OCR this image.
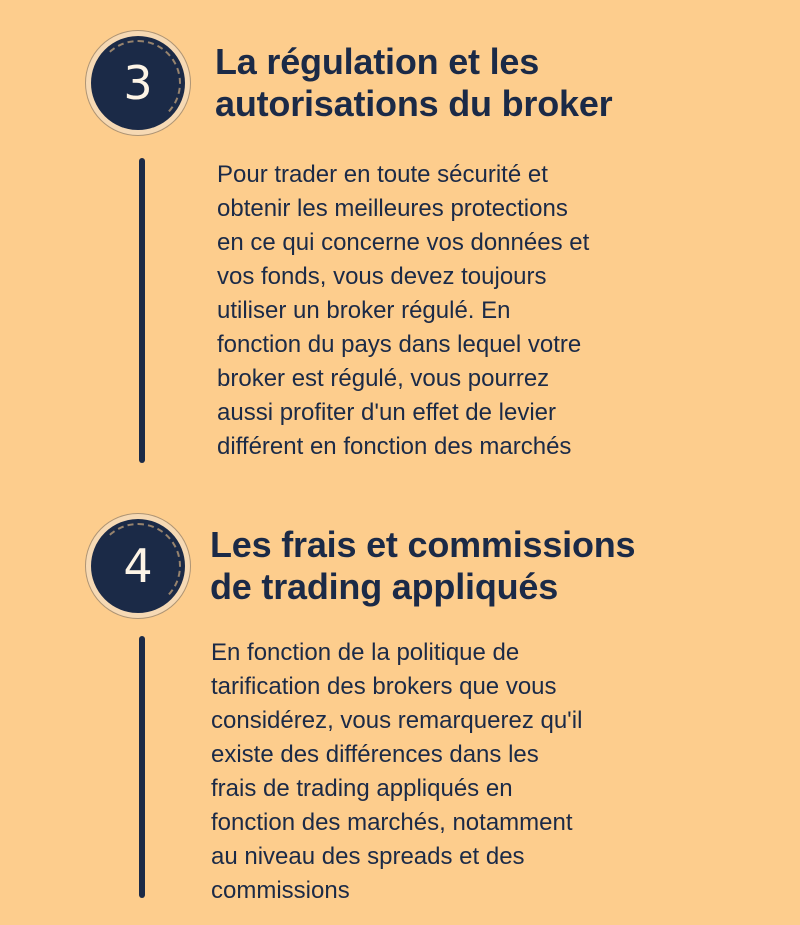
3	La régulation et les
autorisations du broker

Pour trader en toute sécurité et
obtenir les meilleures protections
en ce qui concerne vos données et
vos fonds, vous devez toujours
utiliser un broker régulé. En
fonction du pays dans lequel votre
broker est régulé, vous pourrez
aussi profiter d'un effet de levier
différent en fonction des marchés

4	Les frais et commissions
de trading appliqués

En fonction de la politique de
tarification des brokers que vous
considérez, vous remarquerez qu'il
existe des différences dans les
frais de trading appliqués en
fonction des marchés, notamment
au niveau des spreads et des
commissions
